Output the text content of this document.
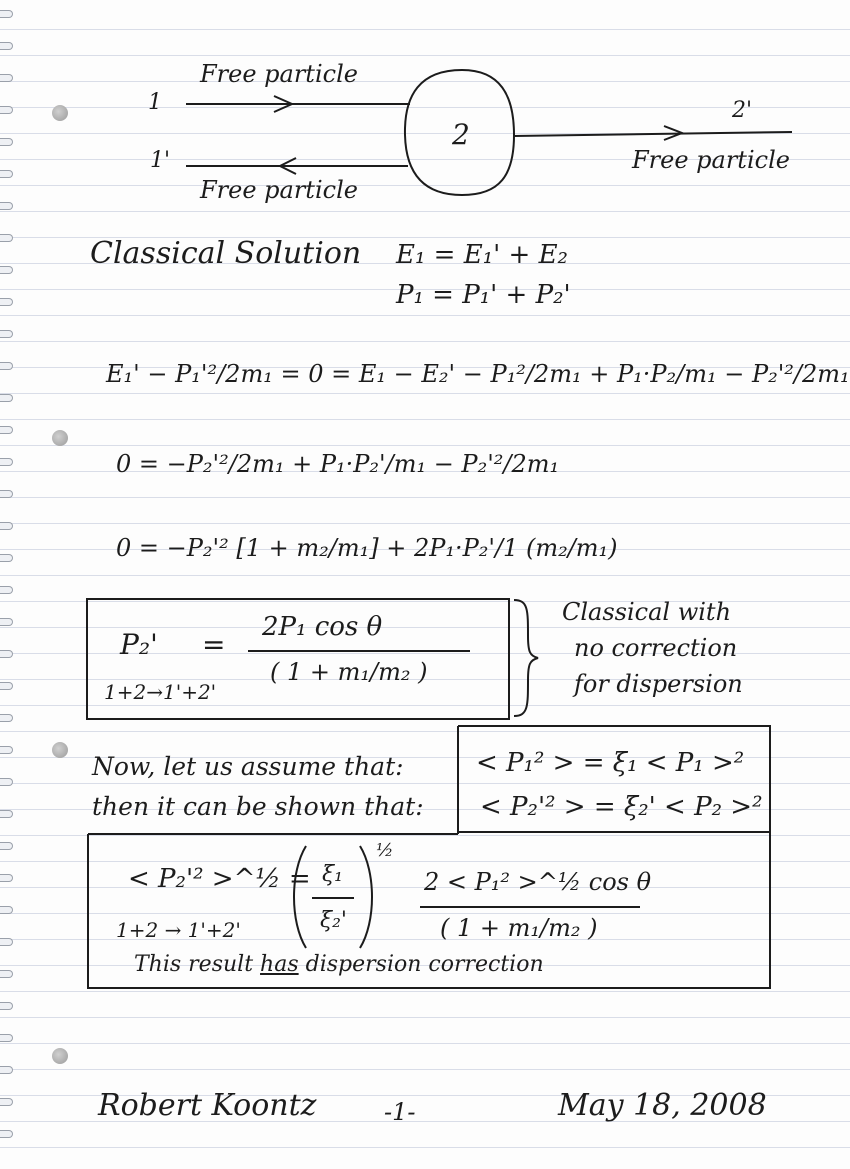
1
1'
2'
2
Free particle
Free particle
Free particle
Classical Solution E₁ = E₁' + E₂
P₁ = P₁' + P₂'
E₁' − P₁'²/2m₁ = 0 = E₁ − E₂' − P₁²/2m₁ + P₁·P₂/m₁ − P₂'²/2m₁
0 = −P₂'²/2m₁ + P₁·P₂'/m₁ − P₂'²/2m₁
0 = −P₂'² [1 + m₂/m₁] + 2P₁·P₂'/1 (m₂/m₁)
P₂' =
2P₁ cos θ
( 1 + m₁/m₂ )
1+2→1'+2'
Classical with
no correction
for dispersion
Now, let us assume that:
then it can be shown that:
< P₁² > = ξ₁ < P₁ >²
< P₂'² > = ξ₂' < P₂ >²
< P₂'² >^½ = ξ₁
ξ₂'
½
2 < P₁² >^½ cos θ
( 1 + m₁/m₂ )
1+2 → 1'+2'
This result has dispersion correction
Robert Koontz	-1-	May 18, 2008
